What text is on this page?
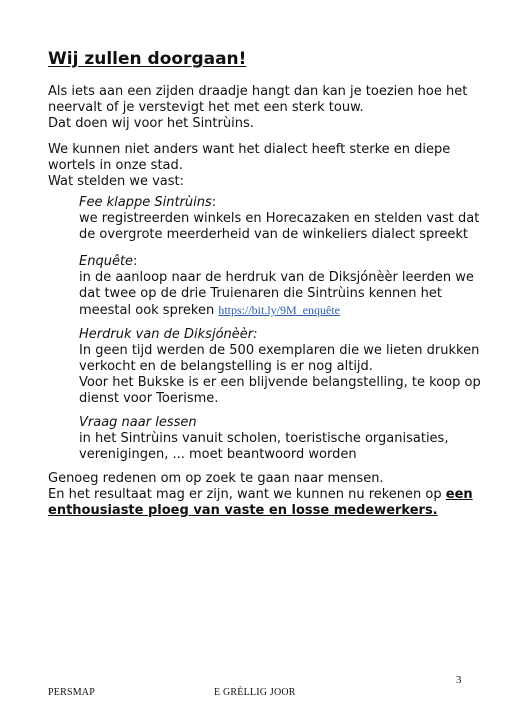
Wij zullen doorgaan!
Als iets aan een zijden draadje hangt dan kan je toezien hoe het
neervalt of je verstevigt het met een sterk touw.
Dat doen wij voor het Sintrùins.
We kunnen niet anders want het dialect heeft sterke en diepe
wortels in onze stad.
Wat stelden we vast:
Fee klappe Sintrùins:
we registreerden winkels en Horecazaken en stelden vast dat
de overgrote meerderheid van de winkeliers dialect spreekt
Enquête:
in de aanloop naar de herdruk van de Diksjónèèr leerden we
dat twee op de drie Truienaren die Sintrùins kennen het
meestal ook spreken https://bit.ly/9M_enquête
Herdruk van de Diksjónèèr:
In geen tijd werden de 500 exemplaren die we lieten drukken
verkocht en de belangstelling is er nog altijd.
Voor het Bukske is er een blijvende belangstelling, te koop op
dienst voor Toerisme.
Vraag naar lessen
in het Sintrùins vanuit scholen, toeristische organisaties,
verenigingen, ... moet beantwoord worden
Genoeg redenen om op zoek te gaan naar mensen.
En het resultaat mag er zijn, want we kunnen nu rekenen op een
enthousiaste ploeg van vaste en losse medewerkers.
3
PERSMAP	E GRÈLLIG JOOR
